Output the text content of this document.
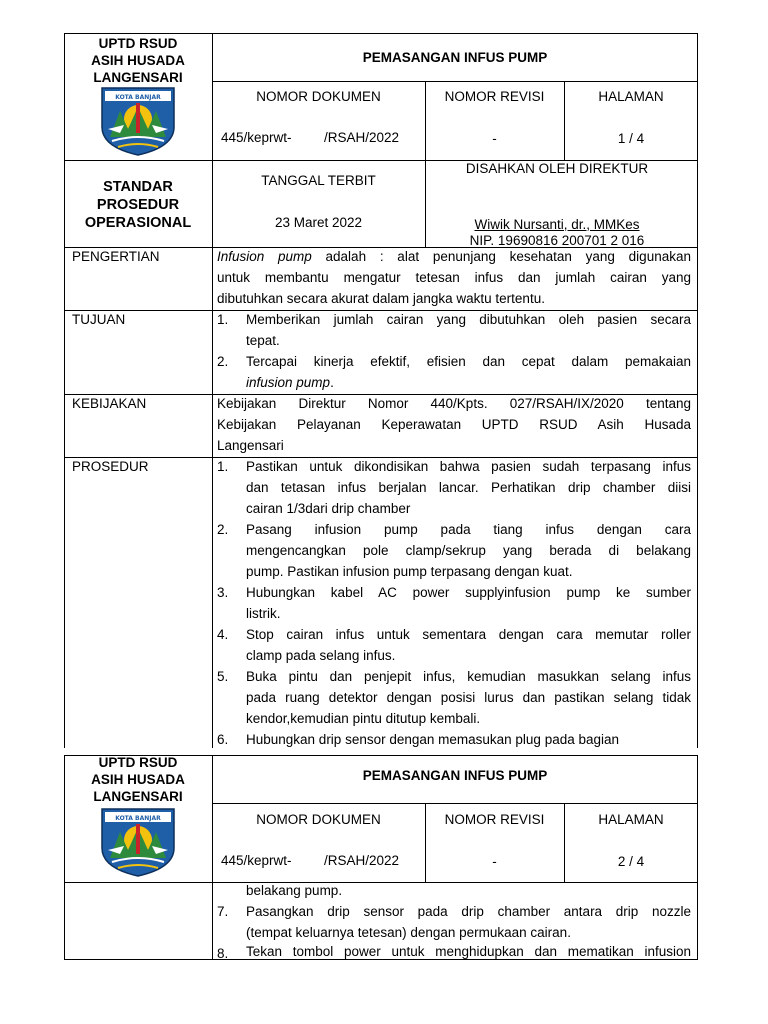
UPTD RSUD
ASIH HUSADA
LANGENSARI
KOTA BANJAR
PEMASANGAN INFUS PUMP
NOMOR DOKUMEN	NOMOR REVISI	HALAMAN
445/keprwt- /RSAH/2022	-	1 / 4
STANDAR
PROSEDUR
OPERASIONAL
TANGGAL TERBIT
23 Maret 2022
DISAHKAN OLEH DIREKTUR
Wiwik Nursanti, dr., MMKes
NIP. 19690816 200701 2 016
PENGERTIAN	Infusion pump adalah : alat penunjang kesehatan yang digunakan
untuk membantu mengatur tetesan infus dan jumlah cairan yang
dibutuhkan secara akurat dalam jangka waktu tertentu.
TUJUAN	1.	Memberikan jumlah cairan yang dibutuhkan oleh pasien secara
tepat.
2.	Tercapai kinerja efektif, efisien dan cepat dalam pemakaian
infusion pump.
KEBIJAKAN	Kebijakan Direktur Nomor 440/Kpts. 027/RSAH/IX/2020 tentang
Kebijakan Pelayanan Keperawatan UPTD RSUD Asih Husada
Langensari
PROSEDUR	1.	Pastikan untuk dikondisikan bahwa pasien sudah terpasang infus
dan tetasan infus berjalan lancar. Perhatikan drip chamber diisi
cairan 1/3dari drip chamber
2.	Pasang infusion pump pada tiang infus dengan cara
mengencangkan pole clamp/sekrup yang berada di belakang
pump. Pastikan infusion pump terpasang dengan kuat.
3.	Hubungkan kabel AC power supplyinfusion pump ke sumber
listrik.
4.	Stop cairan infus untuk sementara dengan cara memutar roller
clamp pada selang infus.
5.	Buka pintu dan penjepit infus, kemudian masukkan selang infus
pada ruang detektor dengan posisi lurus dan pastikan selang tidak
kendor,kemudian pintu ditutup kembali.
6.	Hubungkan drip sensor dengan memasukan plug pada bagian
UPTD RSUD
ASIH HUSADA
LANGENSARI
KOTA BANJAR
PEMASANGAN INFUS PUMP
NOMOR DOKUMEN	NOMOR REVISI	HALAMAN
445/keprwt- /RSAH/2022	-	2 / 4
belakang pump.
7.	Pasangkan drip sensor pada drip chamber antara drip nozzle
(tempat keluarnya tetesan) dengan permukaan cairan.
8.	Tekan tombol power untuk menghidupkan dan mematikan infusion
